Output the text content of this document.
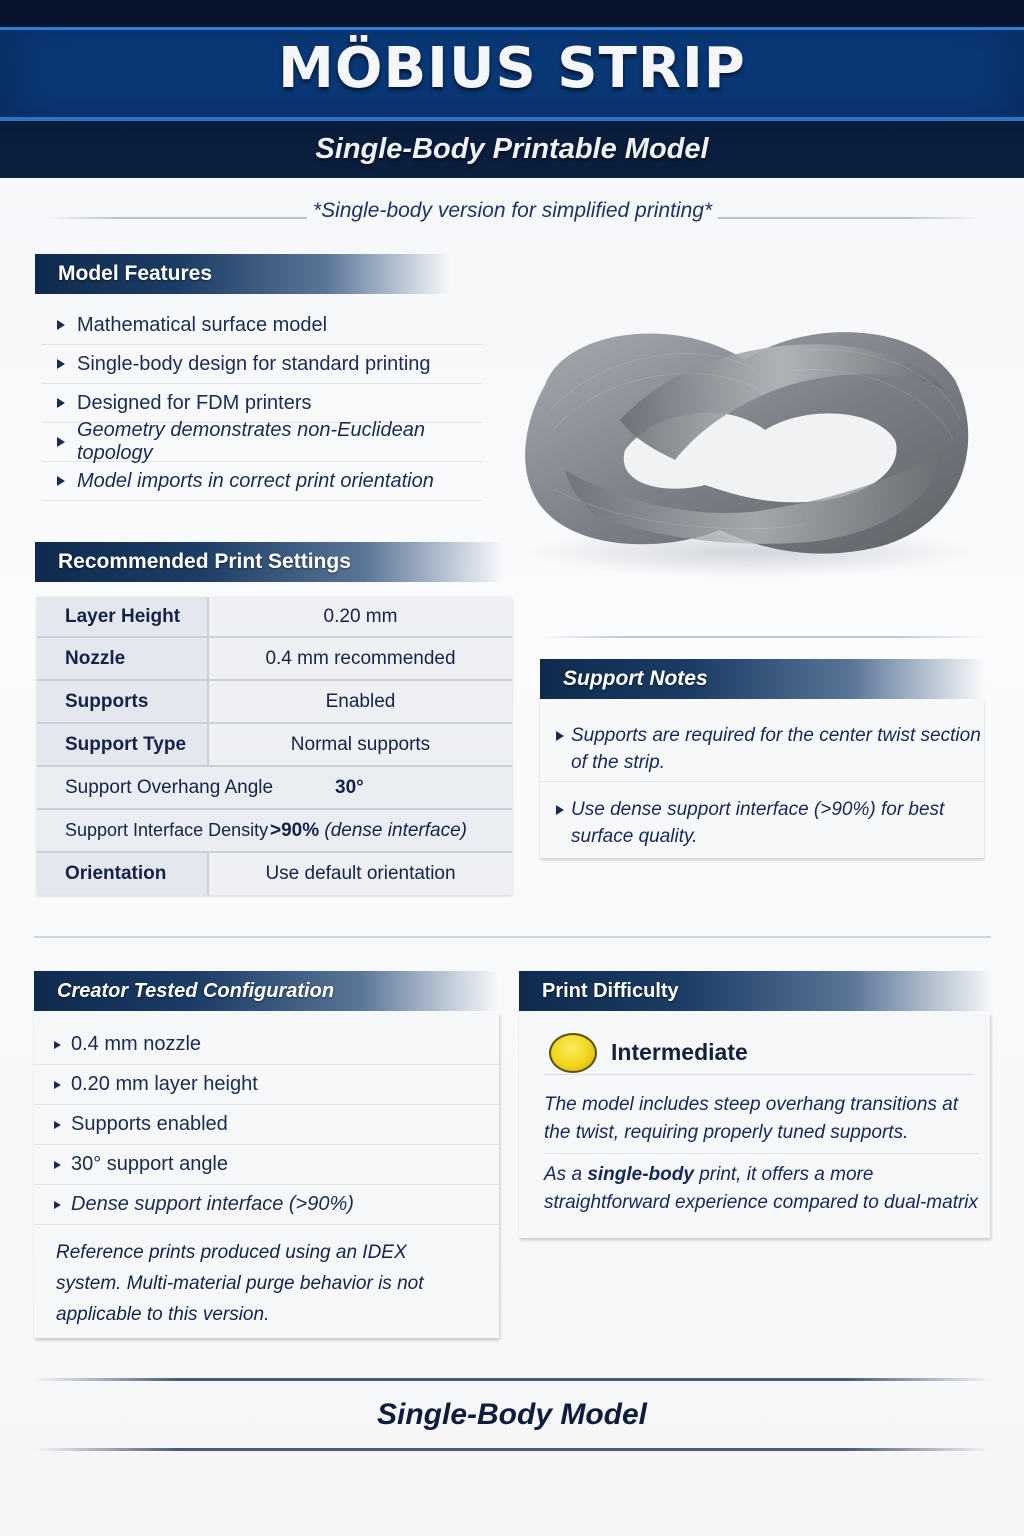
MÖBIUS STRIP
Single-Body Printable Model
*Single-body version for simplified printing*
Model Features
Mathematical surface model
Single-body design for standard printing
Designed for FDM printers
Geometry demonstrates non-Euclidean topology
Model imports in correct print orientation
Recommended Print Settings
Layer Height	0.20 mm
Nozzle	0.4 mm recommended
Supports	Enabled
Support Type	Normal supports
Support Overhang Angle 30°	
Support Interface Density>90% (dense interface)	
Orientation	Use default orientation
Support Notes
Supports are required for the center twist section of the strip.
Use dense support interface (>90%) for best surface quality.
Creator Tested Configuration
0.4 mm nozzle
0.20 mm layer height
Supports enabled
30° support angle
Dense support interface (>90%)
Reference prints produced using an IDEX system. Multi-material purge behavior is not applicable to this version.
Print Difficulty
Intermediate

The model includes steep overhang transitions at the twist, requiring properly tuned supports.

As a single-body print, it offers a more straightforward experience compared to dual-matrix

Single-Body Model
